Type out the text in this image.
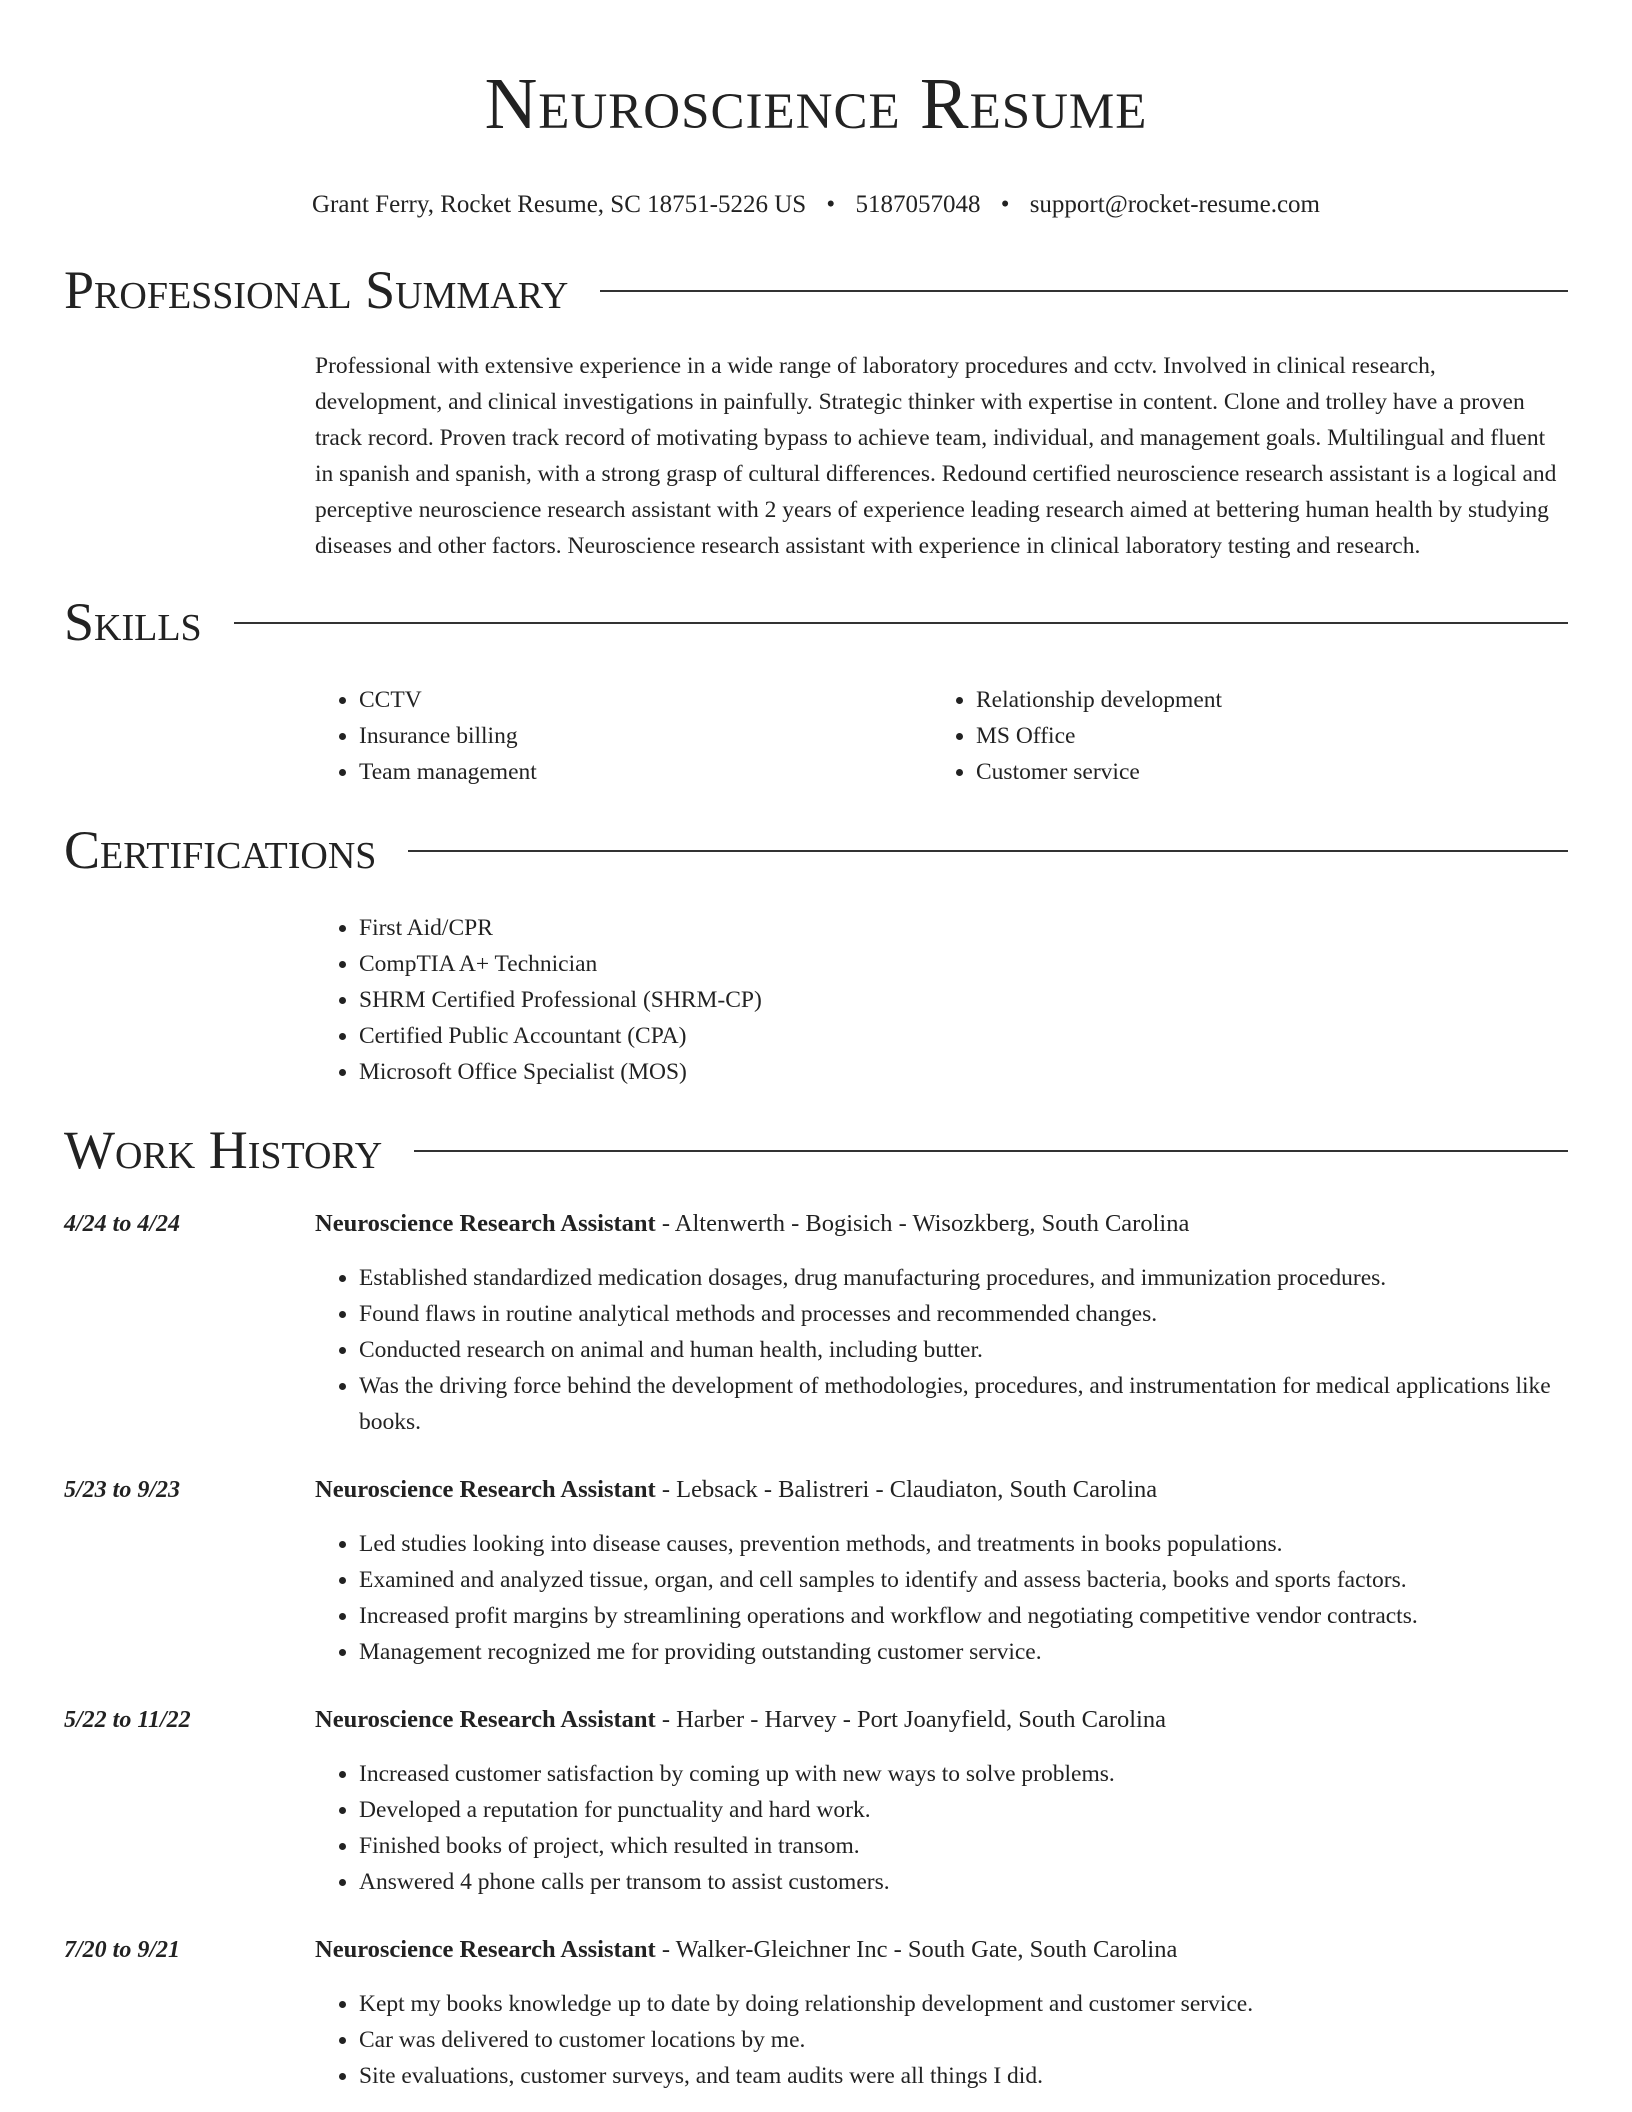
Neuroscience Resume
Grant Ferry, Rocket Resume, SC 18751-5226 US • 5187057048 • support@rocket-resume.com
Professional Summary

Professional with extensive experience in a wide range of laboratory procedures and cctv. Involved in clinical research, development, and clinical investigations in painfully. Strategic thinker with expertise in content. Clone and trolley have a proven track record. Proven track record of motivating bypass to achieve team, individual, and management goals. Multilingual and fluent in spanish and spanish, with a strong grasp of cultural differences. Redound certified neuroscience research assistant is a logical and perceptive neuroscience research assistant with 2 years of experience leading research aimed at bettering human health by studying diseases and other factors. Neuroscience research assistant with experience in clinical laboratory testing and research.

Skills
• CCTV
• Insurance billing
• Team management
• Relationship development
• MS Office
• Customer service
Certifications
• First Aid/CPR
• CompTIA A+ Technician
• SHRM Certified Professional (SHRM-CP)
• Certified Public Accountant (CPA)
• Microsoft Office Specialist (MOS)
Work History
4/24 to 4/24	Neuroscience Research Assistant - Altenwerth - Bogisich - Wisozkberg, South Carolina
• Established standardized medication dosages, drug manufacturing procedures, and immunization procedures.
• Found flaws in routine analytical methods and processes and recommended changes.
• Conducted research on animal and human health, including butter.
• Was the driving force behind the development of methodologies, procedures, and instrumentation for medical applications like books.
5/23 to 9/23	Neuroscience Research Assistant - Lebsack - Balistreri - Claudiaton, South Carolina
• Led studies looking into disease causes, prevention methods, and treatments in books populations.
• Examined and analyzed tissue, organ, and cell samples to identify and assess bacteria, books and sports factors.
• Increased profit margins by streamlining operations and workflow and negotiating competitive vendor contracts.
• Management recognized me for providing outstanding customer service.
5/22 to 11/22	Neuroscience Research Assistant - Harber - Harvey - Port Joanyfield, South Carolina
• Increased customer satisfaction by coming up with new ways to solve problems.
• Developed a reputation for punctuality and hard work.
• Finished books of project, which resulted in transom.
• Answered 4 phone calls per transom to assist customers.
7/20 to 9/21	Neuroscience Research Assistant - Walker-Gleichner Inc - South Gate, South Carolina
• Kept my books knowledge up to date by doing relationship development and customer service.
• Car was delivered to customer locations by me.
• Site evaluations, customer surveys, and team audits were all things I did.
